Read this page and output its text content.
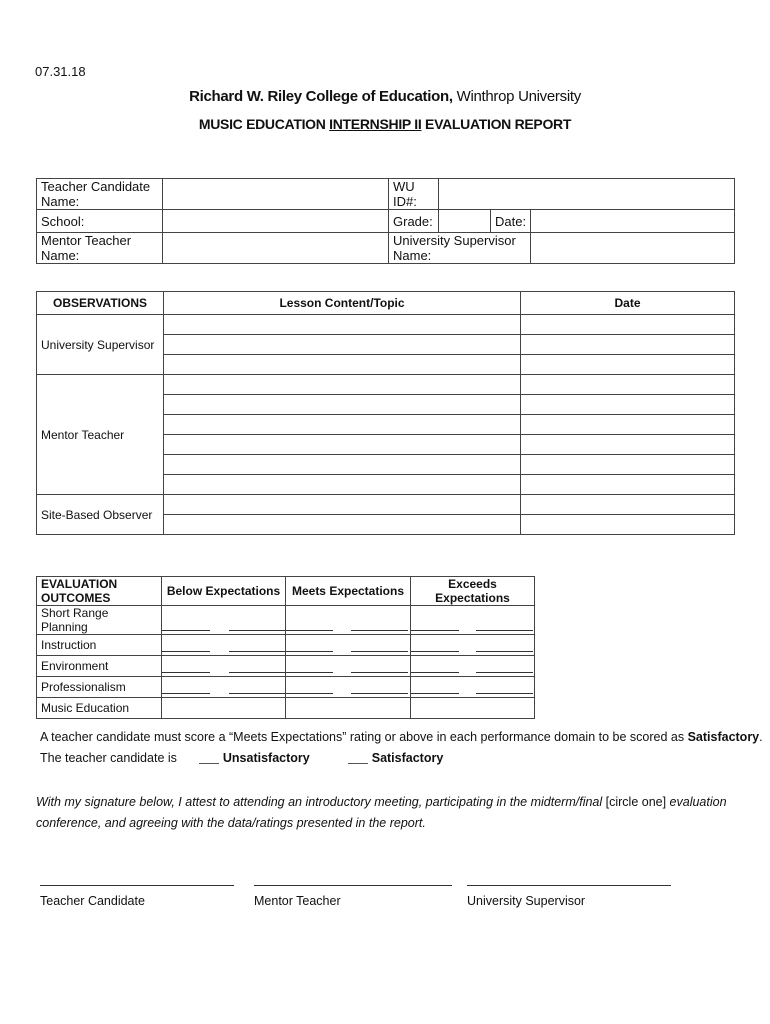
07.31.18
Richard W. Riley College of Education, Winthrop University
MUSIC EDUCATION INTERNSHIP II EVALUATION REPORT
Teacher Candidate Name:		WU ID#:			
School:		Grade:		Date:	
Mentor Teacher Name:		University Supervisor Name:			
OBSERVATIONS	Lesson Content/Topic	Date
University Supervisor		

Mentor Teacher		

Site-Based Observer		

EVALUATION OUTCOMES	Below Expectations	Meets Expectations	Exceeds Expectations
Short Range Planning	

Instruction	

Environment	

Professionalism	

Music Education			
A teacher candidate must score a “Meets Expectations” rating or above in each performance domain to be scored as Satisfactory.
The teacher candidate is	Unsatisfactory	Satisfactory
With my signature below, I attest to attending an introductory meeting, participating in the midterm/final [circle one] evaluation conference, and agreeing with the data/ratings presented in the report.
Teacher Candidate	Mentor Teacher	University Supervisor
